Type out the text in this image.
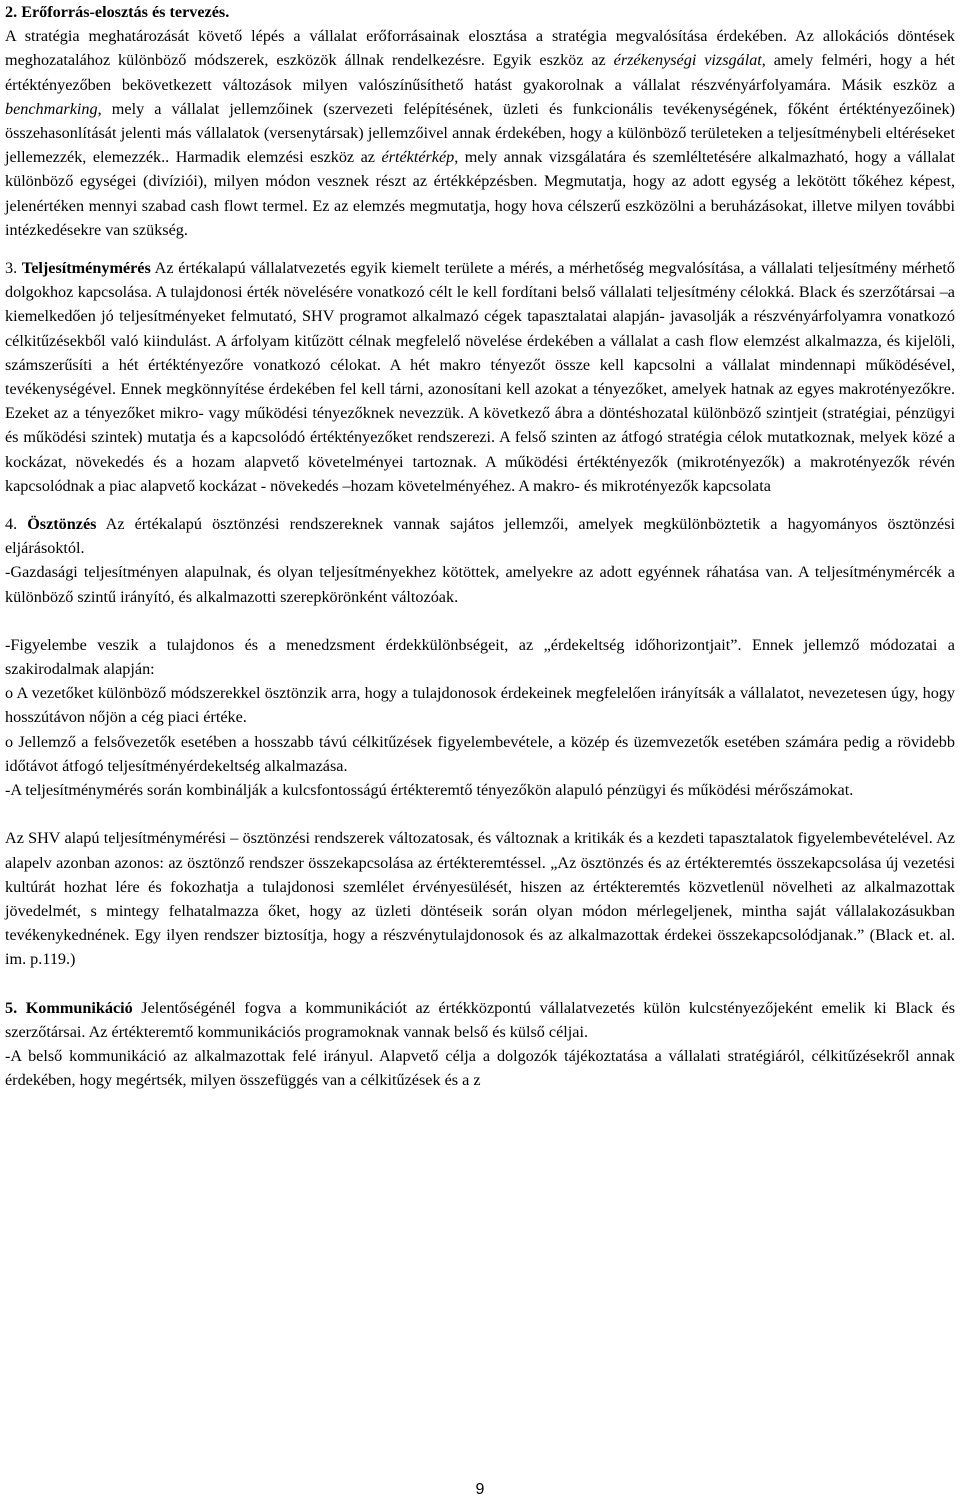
2. Erőforrás-elosztás és tervezés.

A stratégia meghatározását követő lépés a vállalat erőforrásainak elosztása a stratégia megvalósítása érdekében. Az allokációs döntések meghozatalához különböző módszerek, eszközök állnak rendelkezésre. Egyik eszköz az érzékenységi vizsgálat, amely felméri, hogy a hét értéktényezőben bekövetkezett változások milyen valószínűsíthető hatást gyakorolnak a vállalat részvényárfolyamára. Másik eszköz a benchmarking, mely a vállalat jellemzőinek (szervezeti felépítésének, üzleti és funkcionális tevékenységének, főként értéktényezőinek) összehasonlítását jelenti más vállalatok (versenytársak) jellemzőivel annak érdekében, hogy a különböző területeken a teljesítménybeli eltéréseket jellemezzék, elemezzék.. Harmadik elemzési eszköz az értéktérkép, mely annak vizsgálatára és szemléltetésére alkalmazható, hogy a vállalat különböző egységei (divíziói), milyen módon vesznek részt az értékképzésben. Megmutatja, hogy az adott egység a lekötött tőkéhez képest, jelenértéken mennyi szabad cash flowt termel. Ez az elemzés megmutatja, hogy hova célszerű eszközölni a beruházásokat, illetve milyen további intézkedésekre van szükség.

3. Teljesítménymérés Az értékalapú vállalatvezetés egyik kiemelt területe a mérés, a mérhetőség megvalósítása, a vállalati teljesítmény mérhető dolgokhoz kapcsolása. A tulajdonosi érték növelésére vonatkozó célt le kell fordítani belső vállalati teljesítmény célokká. Black és szerzőtársai –a kiemelkedően jó teljesítményeket felmutató, SHV programot alkalmazó cégek tapasztalatai alapján- javasolják a részvényárfolyamra vonatkozó célkitűzésekből való kiindulást. A árfolyam kitűzött célnak megfelelő növelése érdekében a vállalat a cash flow elemzést alkalmazza, és kijelöli, számszerűsíti a hét értéktényezőre vonatkozó célokat. A hét makro tényezőt össze kell kapcsolni a vállalat mindennapi működésével, tevékenységével. Ennek megkönnyítése érdekében fel kell tárni, azonosítani kell azokat a tényezőket, amelyek hatnak az egyes makrotényezőkre. Ezeket az a tényezőket mikro- vagy működési tényezőknek nevezzük. A következő ábra a döntéshozatal különböző szintjeit (stratégiai, pénzügyi és működési szintek) mutatja és a kapcsolódó értéktényezőket rendszerezi. A felső szinten az átfogó stratégia célok mutatkoznak, melyek közé a kockázat, növekedés és a hozam alapvető követelményei tartoznak. A működési értéktényezők (mikrotényezők) a makrotényezők révén kapcsolódnak a piac alapvető kockázat - növekedés –hozam követelményéhez. A makro- és mikrotényezők kapcsolata

4. Ösztönzés Az értékalapú ösztönzési rendszereknek vannak sajátos jellemzői, amelyek megkülönböztetik a hagyományos ösztönzési eljárásoktól.

-Gazdasági teljesítményen alapulnak, és olyan teljesítményekhez kötöttek, amelyekre az adott egyénnek ráhatása van. A teljesítménymércék a különböző szintű irányító, és alkalmazotti szerepkörönként változóak.

-Figyelembe veszik a tulajdonos és a menedzsment érdekkülönbségeit, az „érdekeltség időhorizontjait”. Ennek jellemző módozatai a szakirodalmak alapján:

o A vezetőket különböző módszerekkel ösztönzik arra, hogy a tulajdonosok érdekeinek megfelelően irányítsák a vállalatot, nevezetesen úgy, hogy hosszútávon nőjön a cég piaci értéke.

o Jellemző a felsővezetők esetében a hosszabb távú célkitűzések figyelembevétele, a közép és üzemvezetők esetében számára pedig a rövidebb időtávot átfogó teljesítményérdekeltség alkalmazása.

-A teljesítménymérés során kombinálják a kulcsfontosságú értékteremtő tényezőkön alapuló pénzügyi és működési mérőszámokat.

Az SHV alapú teljesítménymérési – ösztönzési rendszerek változatosak, és változnak a kritikák és a kezdeti tapasztalatok figyelembevételével. Az alapelv azonban azonos: az ösztönző rendszer összekapcsolása az értékteremtéssel. „Az ösztönzés és az értékteremtés összekapcsolása új vezetési kultúrát hozhat lére és fokozhatja a tulajdonosi szemlélet érvényesülését, hiszen az értékteremtés közvetlenül növelheti az alkalmazottak jövedelmét, s mintegy felhatalmazza őket, hogy az üzleti döntéseik során olyan módon mérlegeljenek, mintha saját vállalakozásukban tevékenykednének. Egy ilyen rendszer biztosítja, hogy a részvénytulajdonosok és az alkalmazottak érdekei összekapcsolódjanak.” (Black et. al. im. p.119.)

5. Kommunikáció Jelentőségénél fogva a kommunikációt az értékközpontú vállalatvezetés külön kulcstényezőjeként emelik ki Black és szerzőtársai. Az értékteremtő kommunikációs programoknak vannak belső és külső céljai.

-A belső kommunikáció az alkalmazottak felé irányul. Alapvető célja a dolgozók tájékoztatása a vállalati stratégiáról, célkitűzésekről annak érdekében, hogy megértsék, milyen összefüggés van a célkitűzések és a z

9
